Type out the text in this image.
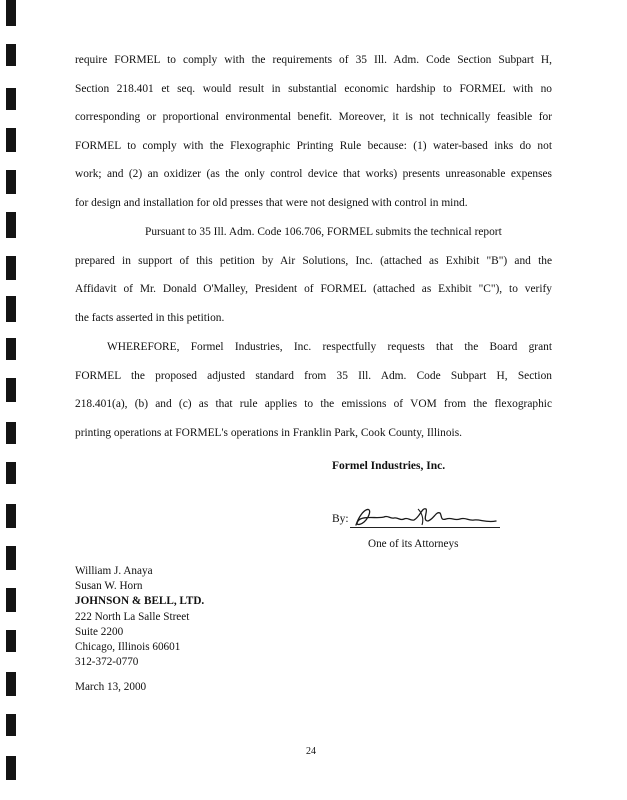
require FORMEL to comply with the requirements of 35 Ill. Adm. Code Section Subpart H,
Section 218.401 et seq. would result in substantial economic hardship to FORMEL with no
corresponding or proportional environmental benefit. Moreover, it is not technically feasible for
FORMEL to comply with the Flexographic Printing Rule because: (1) water-based inks do not
work; and (2) an oxidizer (as the only control device that works) presents unreasonable expenses
for design and installation for old presses that were not designed with control in mind.
Pursuant to 35 Ill. Adm. Code 106.706, FORMEL submits the technical report
prepared in support of this petition by Air Solutions, Inc. (attached as Exhibit "B") and the
Affidavit of Mr. Donald O'Malley, President of FORMEL (attached as Exhibit "C"), to verify
the facts asserted in this petition.
WHEREFORE, Formel Industries, Inc. respectfully requests that the Board grant
FORMEL the proposed adjusted standard from 35 Ill. Adm. Code Subpart H, Section
218.401(a), (b) and (c) as that rule applies to the emissions of VOM from the flexographic
printing operations at FORMEL's operations in Franklin Park, Cook County, Illinois.
Formel Industries, Inc.
By:
One of its Attorneys
William J. Anaya
Susan W. Horn
JOHNSON & BELL, LTD.
222 North La Salle Street
Suite 2200
Chicago, Illinois 60601
312-372-0770
March 13, 2000
24
